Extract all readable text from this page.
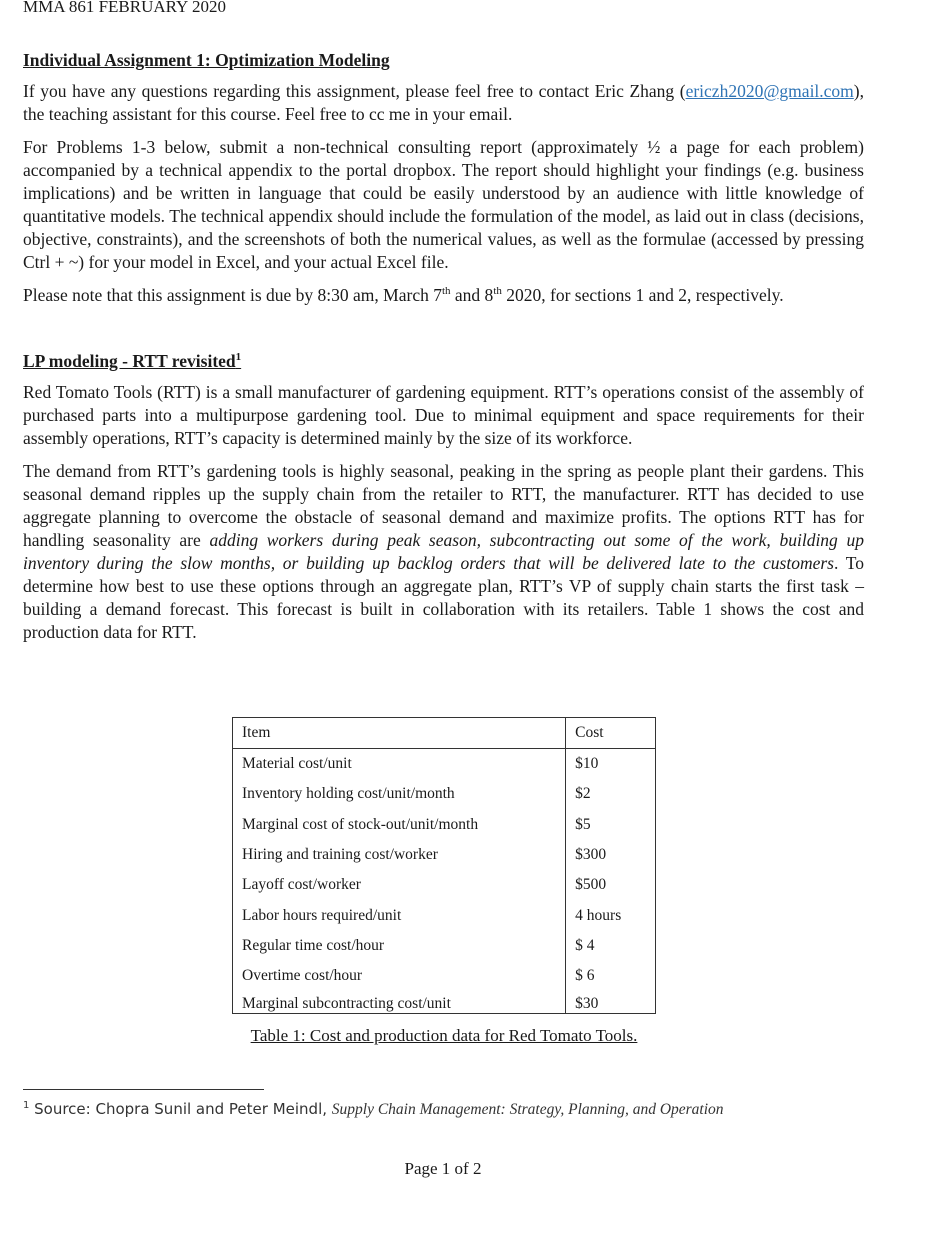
MMA 861 FEBRUARY 2020
Individual Assignment 1: Optimization Modeling

If you have any questions regarding this assignment, please feel free to contact Eric Zhang (ericzh2020@gmail.com), the teaching assistant for this course. Feel free to cc me in your email.

For Problems 1-3 below, submit a non-technical consulting report (approximately ½ a page for each problem) accompanied by a technical appendix to the portal dropbox. The report should highlight your findings (e.g. business implications) and be written in language that could be easily understood by an audience with little knowledge of quantitative models. The technical appendix should include the formulation of the model, as laid out in class (decisions, objective, constraints), and the screenshots of both the numerical values, as well as the formulae (accessed by pressing Ctrl + ~) for your model in Excel, and your actual Excel file.

Please note that this assignment is due by 8:30 am, March 7th and 8th 2020, for sections 1 and 2, respectively.

LP modeling - RTT revisited$^1$

Red Tomato Tools (RTT) is a small manufacturer of gardening equipment. RTT’s operations consist of the assembly of purchased parts into a multipurpose gardening tool. Due to minimal equipment and space requirements for their assembly operations, RTT’s capacity is determined mainly by the size of its workforce.

The demand from RTT’s gardening tools is highly seasonal, peaking in the spring as people plant their gardens. This seasonal demand ripples up the supply chain from the retailer to RTT, the manufacturer. RTT has decided to use aggregate planning to overcome the obstacle of seasonal demand and maximize profits. The options RTT has for handling seasonality are adding workers during peak season, subcontracting out some of the work, building up inventory during the slow months, or building up backlog orders that will be delivered late to the customers. To determine how best to use these options through an aggregate plan, RTT’s VP of supply chain starts the first task – building a demand forecast. This forecast is built in collaboration with its retailers. Table 1 shows the cost and production data for RTT.

Item	Cost
Material cost/unit	$10
Inventory holding cost/unit/month	$2
Marginal cost of stock-out/unit/month	$5
Hiring and training cost/worker	$300
Layoff cost/worker	$500
Labor hours required/unit	4 hours
Regular time cost/hour	$ 4
Overtime cost/hour	$ 6
Marginal subcontracting cost/unit	$30
Table 1: Cost and production data for Red Tomato Tools.
$^1$ Source: Chopra Sunil and Peter Meindl, Supply Chain Management: Strategy, Planning, and Operation
Page 1 of 2
